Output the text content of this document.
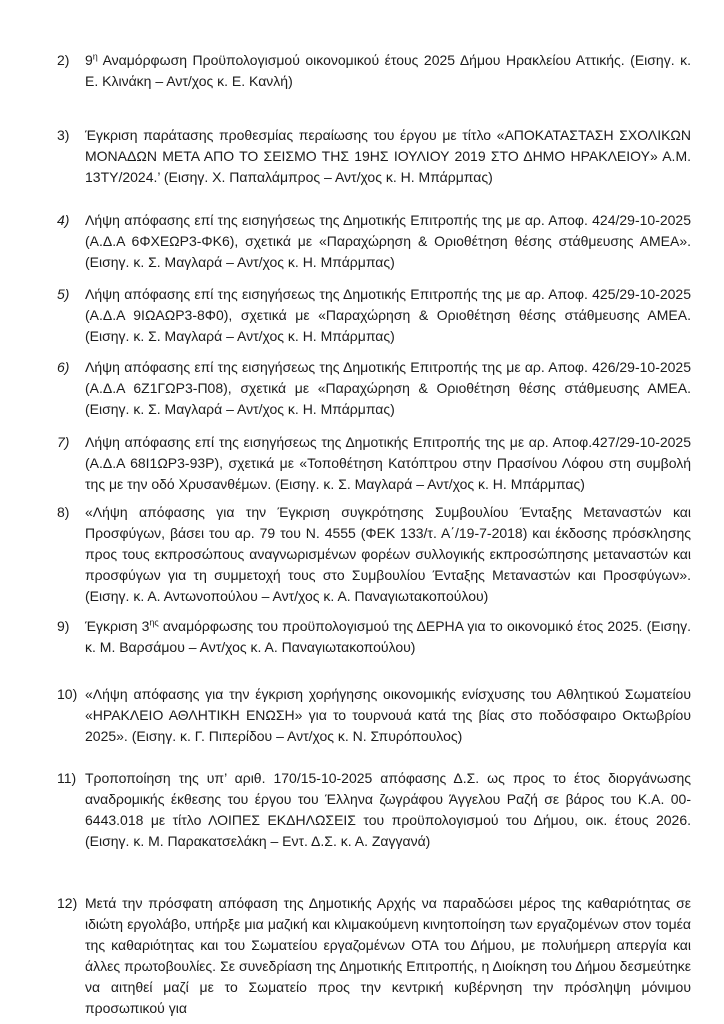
2) $9^\eta$ Αναμόρφωση Προϋπολογισμού οικονομικού έτους 2025 Δήμου Ηρακλείου Αττικής. (Εισηγ. κ. Ε. Κλινάκη – Αντ/χος κ. Ε. Κανλή)
3) Έγκριση παράτασης προθεσμίας περαίωσης του έργου με τίτλο «ΑΠΟΚΑΤΑΣΤΑΣΗ ΣΧΟΛΙΚΩΝ ΜΟΝΑΔΩΝ ΜΕΤΑ ΑΠΟ ΤΟ ΣΕΙΣΜΟ ΤΗΣ 19ΗΣ ΙΟΥΛΙΟΥ 2019 ΣΤΟ ΔΗΜΟ ΗΡΑΚΛΕΙΟΥ» Α.Μ. 13ΤΥ/2024.’ (Εισηγ. Χ. Παπαλάμπρος – Αντ/χος κ. Η. Μπάρμπας)
4) Λήψη απόφασης επί της εισηγήσεως της Δημοτικής Επιτροπής της με αρ. Αποφ. 424/29-10-2025 (Α.Δ.Α 6ΦΧΕΩΡ3-ΦΚ6), σχετικά με «Παραχώρηση & Οριοθέτηση θέσης στάθμευσης ΑΜΕΑ». (Εισηγ. κ. Σ. Μαγλαρά – Αντ/χος κ. Η. Μπάρμπας)
5) Λήψη απόφασης επί της εισηγήσεως της Δημοτικής Επιτροπής της με αρ. Αποφ. 425/29-10-2025 (Α.Δ.Α 9ΙΩΑΩΡ3-8Φ0), σχετικά με «Παραχώρηση & Οριοθέτηση θέσης στάθμευσης ΑΜΕΑ. (Εισηγ. κ. Σ. Μαγλαρά – Αντ/χος κ. Η. Μπάρμπας)
6) Λήψη απόφασης επί της εισηγήσεως της Δημοτικής Επιτροπής της με αρ. Αποφ. 426/29-10-2025 (Α.Δ.Α 6Ζ1ΓΩΡ3-Π08), σχετικά με «Παραχώρηση & Οριοθέτηση θέσης στάθμευσης ΑΜΕΑ. (Εισηγ. κ. Σ. Μαγλαρά – Αντ/χος κ. Η. Μπάρμπας)
7) Λήψη απόφασης επί της εισηγήσεως της Δημοτικής Επιτροπής της με αρ. Αποφ.427/29-10-2025 (Α.Δ.Α 68Ι1ΩΡ3-93Ρ), σχετικά με «Τοποθέτηση Κατόπτρου στην Πρασίνου Λόφου στη συμβολή της με την οδό Χρυσανθέμων. (Εισηγ. κ. Σ. Μαγλαρά – Αντ/χος κ. Η. Μπάρμπας)
8) «Λήψη απόφασης για την Έγκριση συγκρότησης Συμβουλίου Ένταξης Μεταναστών και Προσφύγων, βάσει του αρ. 79 του Ν. 4555 (ΦΕΚ 133/τ. Α΄/19-7-2018) και έκδοσης πρόσκλησης προς τους εκπροσώπους αναγνωρισμένων φορέων συλλογικής εκπροσώπησης μεταναστών και προσφύγων για τη συμμετοχή τους στο Συμβουλίου Ένταξης Μεταναστών και Προσφύγων». (Εισηγ. κ. Α. Αντωνοπούλου – Αντ/χος κ. Α. Παναγιωτακοπούλου)
9) Έγκριση $3^{\eta\varsigma}$ αναμόρφωσης του προϋπολογισμού της ΔΕΡΗΑ για το οικονομικό έτος 2025. (Εισηγ. κ. Μ. Βαρσάμου – Αντ/χος κ. Α. Παναγιωτακοπούλου)
10) «Λήψη απόφασης για την έγκριση χορήγησης οικονομικής ενίσχυσης του Αθλητικού Σωματείου «ΗΡΑΚΛΕΙΟ ΑΘΛΗΤΙΚΗ ΕΝΩΣΗ» για το τουρνουά κατά της βίας στο ποδόσφαιρο Οκτωβρίου 2025». (Εισηγ. κ. Γ. Πιπερίδου – Αντ/χος κ. Ν. Σπυρόπουλος)
11) Τροποποίηση της υπ’ αριθ. 170/15-10-2025 απόφασης Δ.Σ. ως προς το έτος διοργάνωσης αναδρομικής έκθεσης του έργου του Έλληνα ζωγράφου Άγγελου Ραζή σε βάρος του Κ.Α. 00-6443.018 με τίτλο ΛΟΙΠΕΣ ΕΚΔΗΛΩΣΕΙΣ του προϋπολογισμού του Δήμου, οικ. έτους 2026. (Εισηγ. κ. Μ. Παρακατσελάκη – Εντ. Δ.Σ. κ. Α. Ζαγγανά)
12) Μετά την πρόσφατη απόφαση της Δημοτικής Αρχής να παραδώσει μέρος της καθαριότητας σε ιδιώτη εργολάβο, υπήρξε μια μαζική και κλιμακούμενη κινητοποίηση των εργαζομένων στον τομέα της καθαριότητας και του Σωματείου εργαζομένων ΟΤΑ του Δήμου, με πολυήμερη απεργία και άλλες πρωτοβουλίες. Σε συνεδρίαση της Δημοτικής Επιτροπής, η Διοίκηση του Δήμου δεσμεύτηκε να αιτηθεί μαζί με το Σωματείο προς την κεντρική κυβέρνηση την πρόσληψη μόνιμου προσωπικού για
